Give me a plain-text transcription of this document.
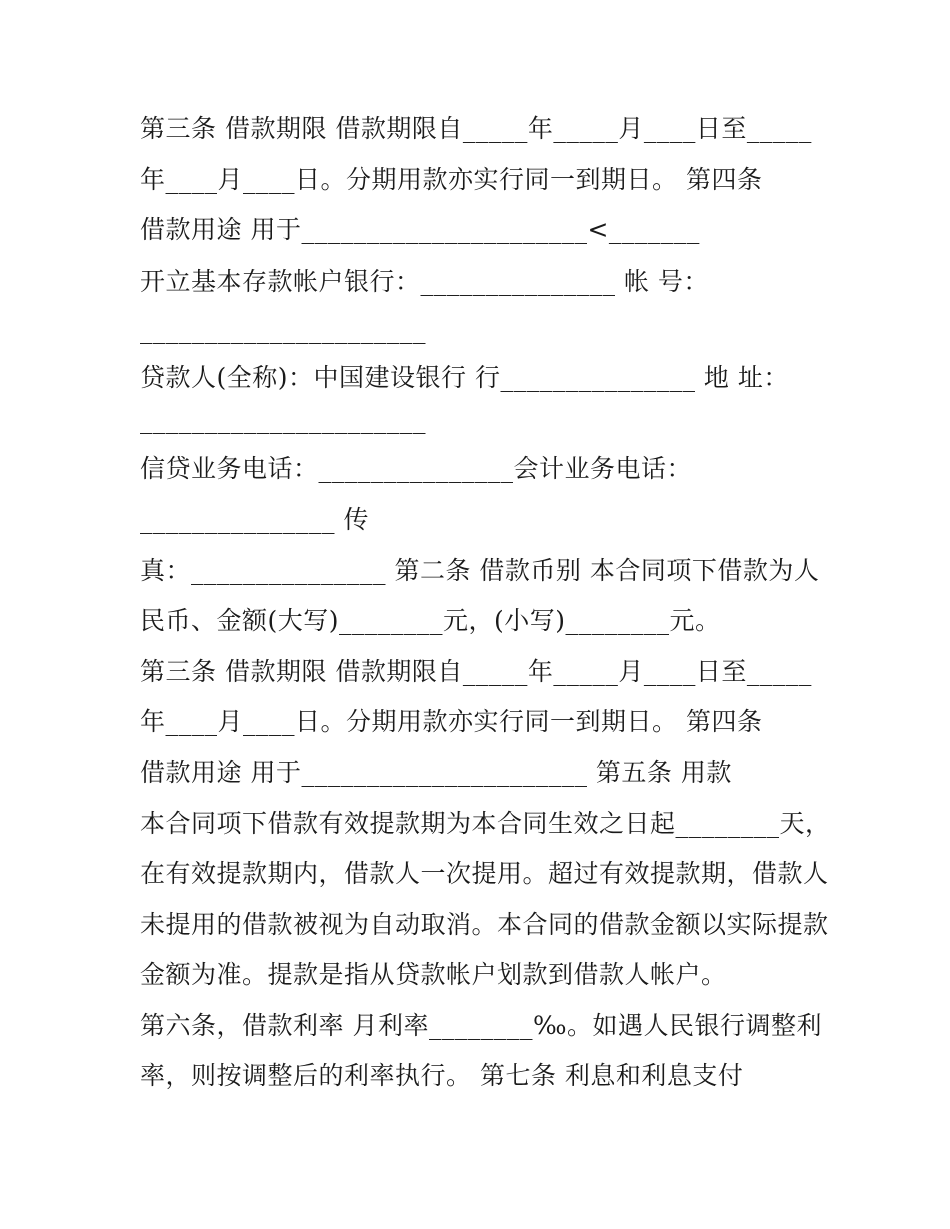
第三条 借款期限 借款期限自_____年_____月____日至_____
年____月____日。分期用款亦实行同一到期日。 第四条
借款用途 用于______________________<_______
开立基本存款帐户银行：_______________ 帐 号：
______________________
贷款人(全称)：中国建设银行 行_______________ 地 址：
______________________
信贷业务电话：_______________会计业务电话：
_______________ 传
真：_______________ 第二条 借款币别 本合同项下借款为人
民币、金额(大写)________元，(小写)________元。
第三条 借款期限 借款期限自_____年_____月____日至_____
年____月____日。分期用款亦实行同一到期日。 第四条
借款用途 用于______________________ 第五条 用款
本合同项下借款有效提款期为本合同生效之日起________天，
在有效提款期内，借款人一次提用。超过有效提款期，借款人
未提用的借款被视为自动取消。本合同的借款金额以实际提款
金额为准。提款是指从贷款帐户划款到借款人帐户。
第六条，借款利率 月利率________‰。如遇人民银行调整利
率，则按调整后的利率执行。 第七条 利息和利息支付
